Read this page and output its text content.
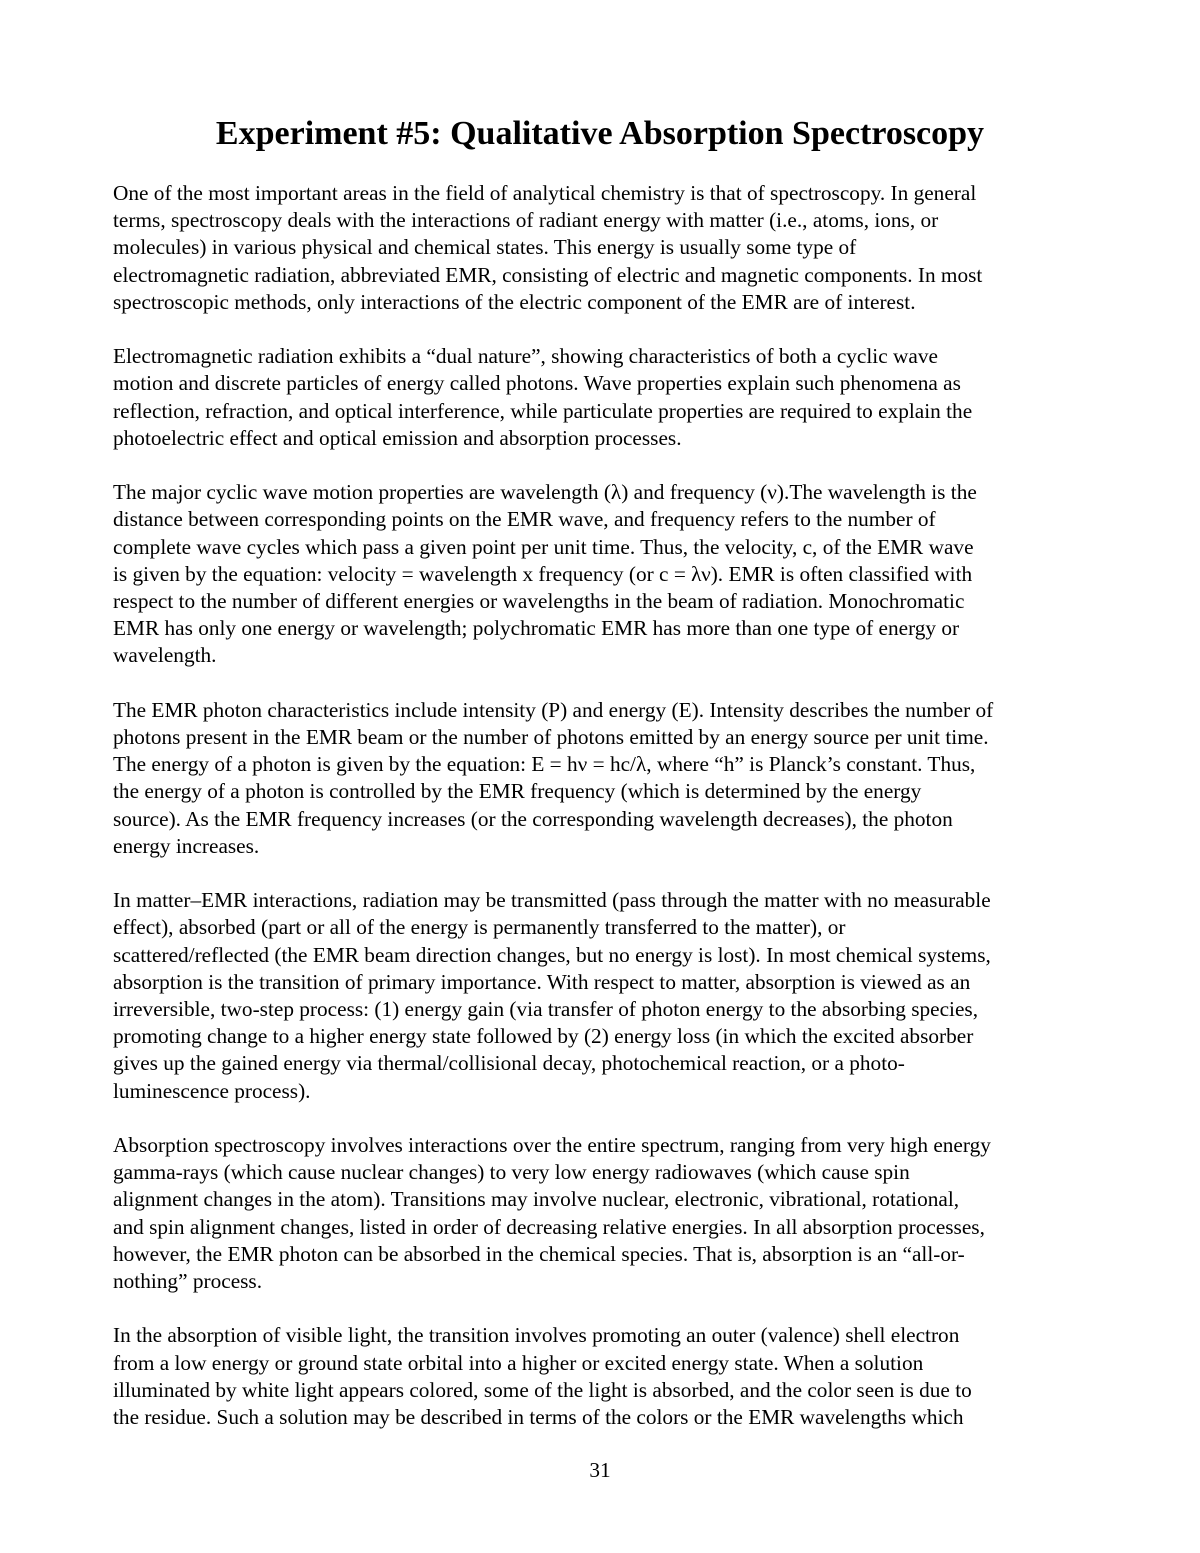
Experiment #5: Qualitative Absorption Spectroscopy

One of the most important areas in the field of analytical chemistry is that of spectroscopy. In general
terms, spectroscopy deals with the interactions of radiant energy with matter (i.e., atoms, ions, or
molecules) in various physical and chemical states. This energy is usually some type of
electromagnetic radiation, abbreviated EMR, consisting of electric and magnetic components. In most
spectroscopic methods, only interactions of the electric component of the EMR are of interest.

Electromagnetic radiation exhibits a “dual nature”, showing characteristics of both a cyclic wave
motion and discrete particles of energy called photons. Wave properties explain such phenomena as
reflection, refraction, and optical interference, while particulate properties are required to explain the
photoelectric effect and optical emission and absorption processes.

The major cyclic wave motion properties are wavelength (λ) and frequency (ν).The wavelength is the
distance between corresponding points on the EMR wave, and frequency refers to the number of
complete wave cycles which pass a given point per unit time. Thus, the velocity, c, of the EMR wave
is given by the equation: velocity = wavelength x frequency (or c = λν). EMR is often classified with
respect to the number of different energies or wavelengths in the beam of radiation. Monochromatic
EMR has only one energy or wavelength; polychromatic EMR has more than one type of energy or
wavelength.

The EMR photon characteristics include intensity (P) and energy (E). Intensity describes the number of
photons present in the EMR beam or the number of photons emitted by an energy source per unit time.
The energy of a photon is given by the equation: E = hν = hc/λ, where “h” is Planck’s constant. Thus,
the energy of a photon is controlled by the EMR frequency (which is determined by the energy
source). As the EMR frequency increases (or the corresponding wavelength decreases), the photon
energy increases.

In matter–EMR interactions, radiation may be transmitted (pass through the matter with no measurable
effect), absorbed (part or all of the energy is permanently transferred to the matter), or
scattered/reflected (the EMR beam direction changes, but no energy is lost). In most chemical systems,
absorption is the transition of primary importance. With respect to matter, absorption is viewed as an
irreversible, two-step process: (1) energy gain (via transfer of photon energy to the absorbing species,
promoting change to a higher energy state followed by (2) energy loss (in which the excited absorber
gives up the gained energy via thermal/collisional decay, photochemical reaction, or a photo-
luminescence process).

Absorption spectroscopy involves interactions over the entire spectrum, ranging from very high energy
gamma-rays (which cause nuclear changes) to very low energy radiowaves (which cause spin
alignment changes in the atom). Transitions may involve nuclear, electronic, vibrational, rotational,
and spin alignment changes, listed in order of decreasing relative energies. In all absorption processes,
however, the EMR photon can be absorbed in the chemical species. That is, absorption is an “all-or-
nothing” process.

In the absorption of visible light, the transition involves promoting an outer (valence) shell electron
from a low energy or ground state orbital into a higher or excited energy state. When a solution
illuminated by white light appears colored, some of the light is absorbed, and the color seen is due to
the residue. Such a solution may be described in terms of the colors or the EMR wavelengths which

31
